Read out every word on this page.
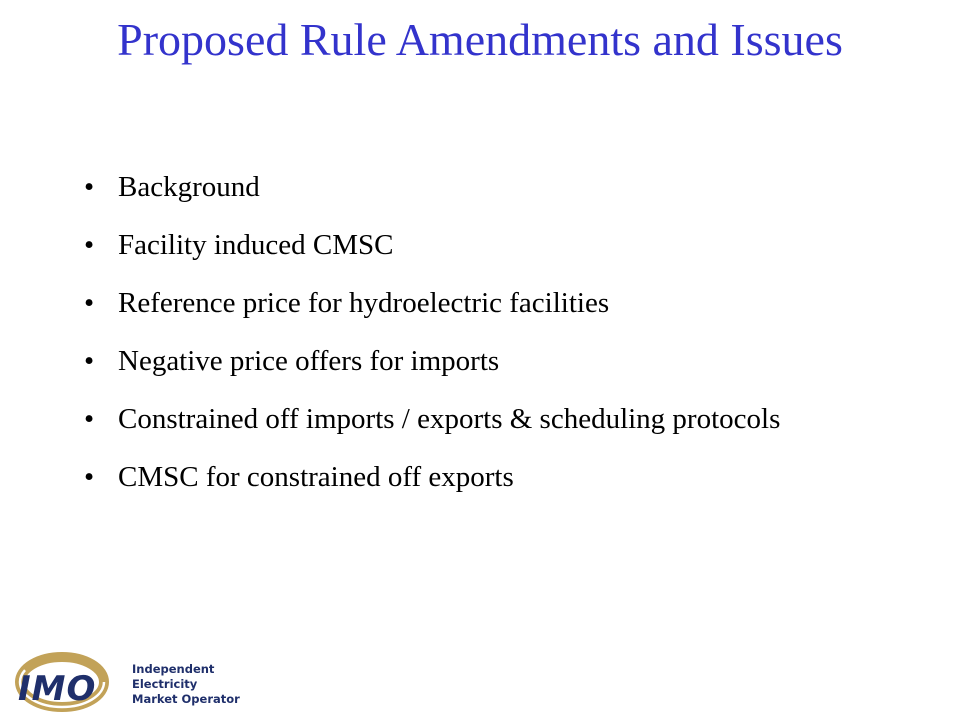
Proposed Rule Amendments and Issues
• Background
• Facility induced CMSC
• Reference price for hydroelectric facilities
• Negative price offers for imports
• Constrained off imports / exports & scheduling protocols
• CMSC for constrained off exports
IMO	Independent
Electricity
Market Operator
